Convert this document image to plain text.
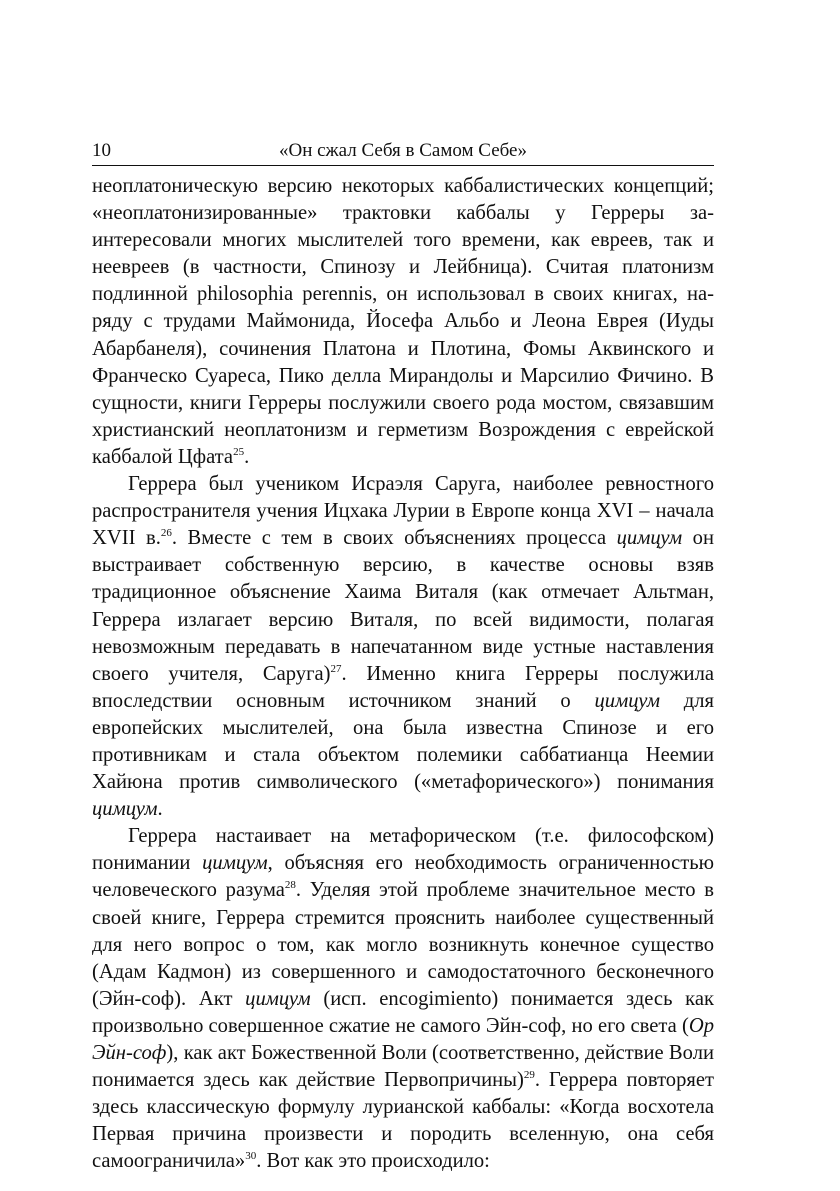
10	«Он сжал Себя в Самом Себе»

неоплатоническую версию некоторых каббалистических концепций; «неоплатонизированные» трактовки каббалы у Герреры заинтересовали многих мыслителей того времени, как евреев, так и неевреев (в частности, Спинозу и Лейбница). Считая платонизм подлинной philosophia perennis, он использовал в своих книгах, наряду с трудами Маймонида, Йосефа Альбо и Леона Еврея (Иуды Абарбанеля), сочинения Платона и Плотина, Фомы Аквинского и Франческо Суареса, Пико делла Мирандолы и Марсилио Фичино. В сущности, книги Герреры послужили своего рода мостом, связавшим христианский неоплатонизм и герметизм Возрождения с еврейской каббалой Цфата$^{25}$.

Геррера был учеником Исраэля Саруга, наиболее ревностного распространителя учения Ицхака Лурии в Европе конца XVI – начала XVII в.$^{26}$. Вместе с тем в своих объяснениях процесса цимцум он выстраивает собственную версию, в качестве основы взяв традиционное объяснение Хаима Виталя (как отмечает Альтман, Геррера излагает версию Виталя, по всей видимости, полагая невозможным передавать в напечатанном виде устные наставления своего учителя, Саруга)$^{27}$. Именно книга Герреры послужила впоследствии основным источником знаний о цимцум для европейских мыслителей, она была известна Спинозе и его противникам и стала объектом полемики саббатианца Неемии Хайюна против символического («метафорического») понимания цимцум.

Геррера настаивает на метафорическом (т.е. философском) понимании цимцум, объясняя его необходимость ограниченностью человеческого разума$^{28}$. Уделяя этой проблеме значительное место в своей книге, Геррера стремится прояснить наиболее существенный для него вопрос о том, как могло возникнуть конечное существо (Адам Кадмон) из совершенного и самодостаточного бесконечного (Эйн-соф). Акт цимцум (исп. encogimiento) понимается здесь как произвольно совершенное сжатие не самого Эйн-соф, но его света (Ор Эйн-соф), как акт Божественной Воли (соответственно, действие Воли понимается здесь как действие Первопричины)$^{29}$. Геррера повторяет здесь классическую формулу лурианской каббалы: «Когда восхотела Первая причина произвести и породить вселенную, она себя самоограничила»$^{30}$. Вот как это происходило:
